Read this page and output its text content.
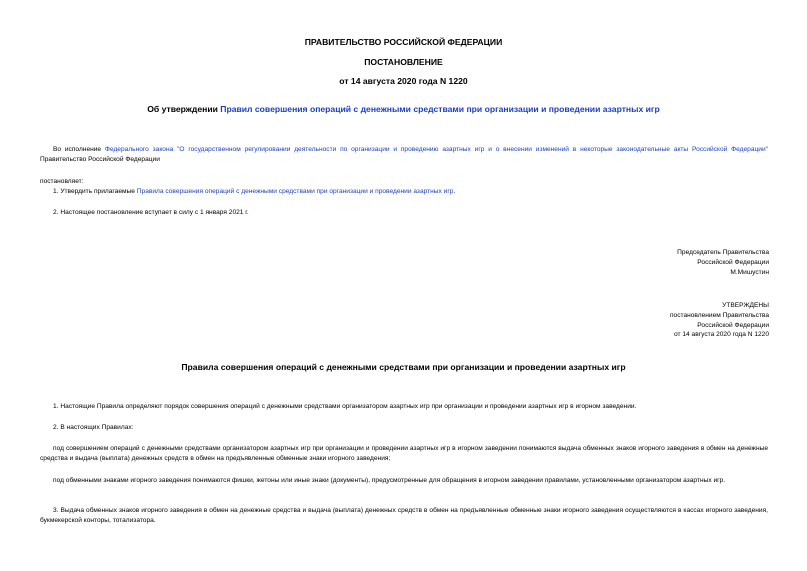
ПРАВИТЕЛЬСТВО РОССИЙСКОЙ ФЕДЕРАЦИИ
ПОСТАНОВЛЕНИЕ
от 14 августа 2020 года N 1220
Об утверждении Правил совершения операций с денежными средствами при организации и проведении азартных игр
Во исполнение Федерального закона "О государственном регулировании деятельности по организации и проведению азартных игр и о внесении изменений в некоторые законодательные акты Российской Федерации" Правительство Российской Федерации
постановляет:
1. Утвердить прилагаемые Правила совершения операций с денежными средствами при организации и проведении азартных игр.
2. Настоящее постановление вступает в силу с 1 января 2021 г.
Председатель Правительства
Российской Федерации
М.Мишустин
УТВЕРЖДЕНЫ
постановлением Правительства
Российской Федерации
от 14 августа 2020 года N 1220
Правила совершения операций с денежными средствами при организации и проведении азартных игр
1. Настоящие Правила определяют порядок совершения операций с денежными средствами организатором азартных игр при организации и проведении азартных игр в игорном заведении.
2. В настоящих Правилах:
под совершением операций с денежными средствами организатором азартных игр при организации и проведении азартных игр в игорном заведении понимаются выдача обменных знаков игорного заведения в обмен на денежные средства и выдача (выплата) денежных средств в обмен на предъявленные обменные знаки игорного заведения;
под обменными знаками игорного заведения понимаются фишки, жетоны или иные знаки (документы), предусмотренные для обращения в игорном заведении правилами, установленными организатором азартных игр.
3. Выдача обменных знаков игорного заведения в обмен на денежные средства и выдача (выплата) денежных средств в обмен на предъявленные обменные знаки игорного заведения осуществляются в кассах игорного заведения, букмекерской конторы, тотализатора.
